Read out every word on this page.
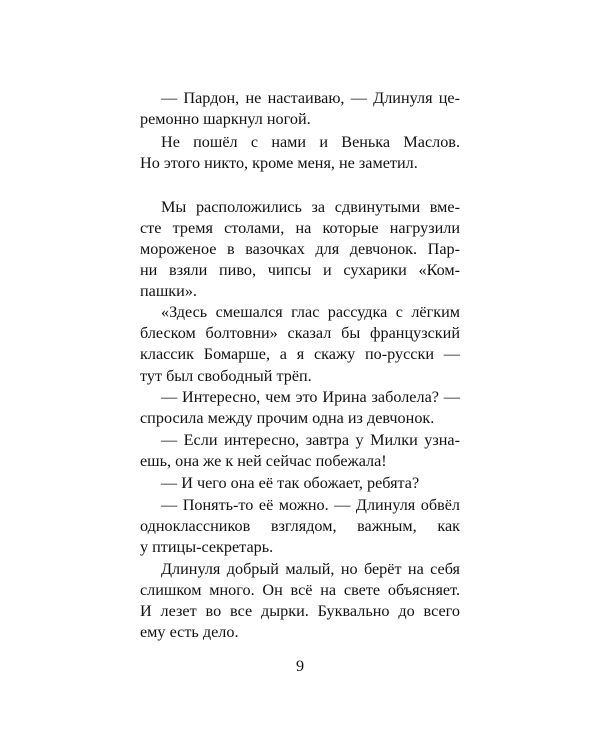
— Пардон, не настаиваю, — Длинуля це-
ремонно шаркнул ногой.
Не пошёл с нами и Венька Маслов.
Но этого никто, кроме меня, не заметил.
Мы расположились за сдвинутыми вме-
сте тремя столами, на которые нагрузили
мороженое в вазочках для девчонок. Пар-
ни взяли пиво, чипсы и сухарики «Ком-
пашки».
«Здесь смешался глас рассудка с лёгким
блеском болтовни» сказал бы французский
классик Бомарше, а я скажу по-русски —
тут был свободный трёп.
— Интересно, чем это Ирина заболела? —
спросила между прочим одна из девчонок.
— Если интересно, завтра у Милки узна-
ешь, она же к ней сейчас побежала!
— И чего она её так обожает, ребята?
— Понять-то её можно. — Длинуля обвёл
одноклассников взглядом, важным, как
у птицы-секретарь.
Длинуля добрый малый, но берёт на себя
слишком много. Он всё на свете объясняет.
И лезет во все дырки. Буквально до всего
ему есть дело.
9
